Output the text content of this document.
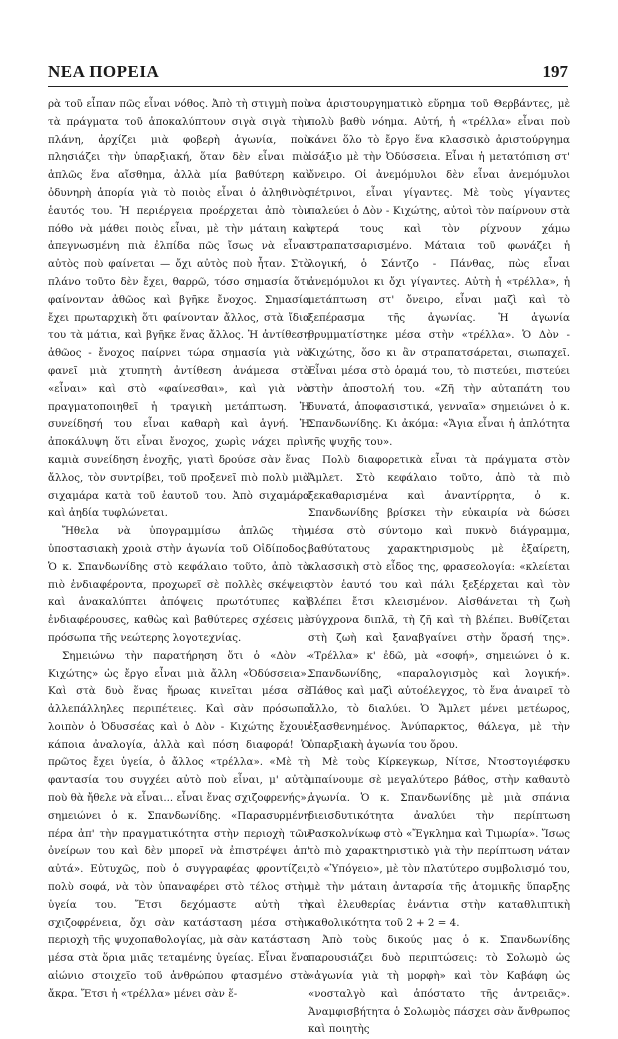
ΝΕΑ ΠΟΡΕΙΑ	197

ρὰ τοῦ εἶπαν πῶς εἶναι νόθος. Ἀπὸ τὴ στιγμὴ ποὺ τὰ πράγματα τοῦ ἀποκαλύπτουν σιγὰ σιγὰ τὴν πλάνη, ἀρχίζει μιὰ φοβερὴ ἀγωνία, ποὺ πλησιάζει τὴν ὑπαρξιακή, ὅταν δὲν εἶναι πιὰ ἁπλῶς ἕνα αἴσθημα, ἀλλὰ μία βαθύτερη καὶ ὀδυνηρὴ ἀπορία γιὰ τὸ ποιὸς εἶναι ὁ ἀληθινὸς ἑαυτός του. Ἡ περιέργεια προέρχεται ἀπὸ τὸν πόθο νὰ μάθει ποιὸς εἶναι, μὲ τὴν μάταιη καὶ ἀπεγνωσμένη πιὰ ἐλπίδα πῶς ἴσως νὰ εἶναι αὐτὸς ποὺ φαίνεται — ὄχι αὐτὸς ποὺ ἦταν. Στὸ πλάνο τοῦτο δὲν ἔχει, θαρρῶ, τόσο σημασία ὅτι φαίνονταν ἀθῶος καὶ βγῆκε ἔνοχος. Σημασία ἔχει πρωταρχικὴ ὅτι φαίνονταν ἄλλος, στὰ ἴδια του τὰ μάτια, καὶ βγῆκε ἕνας ἄλλος. Ἡ ἀντίθεση ἀθῶος - ἔνοχος παίρνει τώρα σημασία γιὰ νὰ φανεῖ μιὰ χτυπητὴ ἀντίθεση ἀνάμεσα στὸ «εἶναι» καὶ στὸ «φαίνεσθαι», καὶ γιὰ νὰ πραγματοποιηθεῖ ἡ τραγικὴ μετάπτωση. Ἡ συνείδησή του εἶναι καθαρὴ καὶ ἁγνή. Ἡ ἀποκάλυψη ὅτι εἶναι ἔνοχος, χωρὶς νάχει πρὶν καμιὰ συνείδηση ἐνοχῆς, γιατὶ δρούσε σὰν ἕνας ἄλλος, τὸν συντρίβει, τοῦ προξενεῖ πιὸ πολὺ μιὰ σιχαμάρα κατὰ τοῦ ἑαυτοῦ του. Ἀπὸ σιχαμάρα καὶ ἀηδία τυφλώνεται.

Ἤθελα νὰ ὑπογραμμίσω ἁπλῶς τὴν ὑποστασιακὴ χροιὰ στὴν ἀγωνία τοῦ Οἰδίποδος. Ὁ κ. Σπανδωνίδης στὸ κεφάλαιο τοῦτο, ἀπὸ τὰ πιὸ ἐνδιαφέροντα, προχωρεῖ σὲ πολλὲς σκέψεις καὶ ἀνακαλύπτει ἀπόψεις πρωτότυπες καὶ ἐνδιαφέρουσες, καθὼς καὶ βαθύτερες σχέσεις μὲ πρόσωπα τῆς νεώτερης λογοτεχνίας.

Σημειώνω τὴν παρατήρηση ὅτι ὁ «Δὸν - Κιχώτης» ὡς ἔργο εἶναι μιὰ ἄλλη «Ὀδύσσεια». Καὶ στὰ δυὸ ἕνας ἥρωας κινεῖται μέσα σὲ ἀλλεπάλληλες περιπέτειες. Καὶ σὰν πρόσωπο λοιπὸν ὁ Ὀδυσσέας καὶ ὁ Δὸν - Κιχώτης ἔχουν κάποια ἀναλογία, ἀλλὰ καὶ πόση διαφορά! Ὁ πρῶτος ἔχει ὑγεία, ὁ ἄλλος «τρέλλα». «Μὲ τὴ φαντασία του συγχέει αὐτὸ ποὺ εἶναι, μ' αὐτὸ ποὺ θὰ ἤθελε νὰ εἶναι... εἶναι ἕνας σχιζοφρενής», σημειώνει ὁ κ. Σπανδωνίδης. «Παρασυρμένη πέρα ἀπ' τὴν πραγματικότητα στὴν περιοχὴ τῶν ὀνείρων του καὶ δὲν μπορεῖ νὰ ἐπιστρέψει ἀπ' αὐτά». Εὐτυχῶς, ποὺ ὁ συγγραφέας φροντίζει, πολὺ σοφά, νὰ τὸν ὑπαναφέρει στὸ τέλος στὴν ὑγεία του. Ἔτσι δεχόμαστε αὐτὴ τὴ σχιζοφρένεια, ὄχι σὰν κατάσταση μέσα στὴν περιοχὴ τῆς ψυχοπαθολογίας, μὰ σὰν κατάσταση μέσα στὰ ὅρια μιᾶς τεταμένης ὑγείας. Εἶναι ἕνα αἰώνιο στοιχεῖο τοῦ ἀνθρώπου φτασμένο στὰ ἄκρα. Ἔτσι ἡ «τρέλλα» μένει σὰν ἕ-

να ἀριστουργηματικὸ εὕρημα τοῦ Θερβάντες, μὲ πολὺ βαθὺ νόημα. Αὐτή, ἡ «τρέλλα» εἶναι ποὺ κάνει ὅλο τὸ ἔργο ἕνα κλασσικὸ ἀριστούργημα ἰσάξιο μὲ τὴν Ὀδύσσεια. Εἶναι ἡ μετατόπιση στ' ὄνειρο. Οἱ ἀνεμόμυλοι δὲν εἶναι ἀνεμόμυλοι πέτρινοι, εἶναι γίγαντες. Μὲ τοὺς γίγαντες παλεύει ὁ Δὸν - Κιχώτης, αὐτοὶ τὸν παίρνουν στὰ φτερά τους καὶ τὸν ρίχνουν χάμω στραπατσαρισμένο. Μάταια τοῦ φωνάζει ἡ λογική, ὁ Σάντζο - Πάνθας, πὼς εἶναι ἀνεμόμυλοι κι ὄχι γίγαντες. Αὐτὴ ἡ «τρέλλα», ἡ μετάπτωση στ' ὄνειρο, εἶναι μαζὶ καὶ τὸ ξεπέρασμα τῆς ἀγωνίας. Ἡ ἀγωνία θρυμματίστηκε μέσα στὴν «τρέλλα». Ὁ Δὸν - Κιχώτης, ὅσο κι ἂν στραπατσάρεται, σιωπαχεῖ. Εἶναι μέσα στὸ ὁραμά του, τὸ πιστεύει, πιστεύει στὴν ἀποστολή του. «Ζῆ τὴν αὐταπάτη του δυνατά, ἀποφασιστικά, γενναῖα» σημειώνει ὁ κ. Σπανδωνίδης. Κι ἀκόμα: «Ἄγια εἶναι ἡ ἁπλότητα τῆς ψυχῆς του».

Πολὺ διαφορετικὰ εἶναι τὰ πράγματα στὸν Ἄμλετ. Στὸ κεφάλαιο τοῦτο, ἀπὸ τὰ πιὸ ξεκαθαρισμένα καὶ ἀναντίρρητα, ὁ κ. Σπανδωνίδης βρίσκει τὴν εὐκαιρία νὰ δώσει μέσα στὸ σύντομο καὶ πυκνὸ διάγραμμα, βαθύτατους χαρακτηρισμοὺς μὲ ἐξαίρετη, κλασσικὴ στὸ εἶδος της, φρασεολογία: «κλείεται στὸν ἑαυτό του καὶ πάλι ξεξέρχεται καὶ τὸν βλέπει ἔτσι κλεισμένον. Αἰσθάνεται τὴ ζωὴ σύγχρονα διπλᾶ, τὴ ζῆ καὶ τὴ βλέπει. Βυθίζεται στὴ ζωὴ καὶ ξαναβγαίνει στὴν ὅρασή της». «Τρέλλα» κ' ἐδῶ, μὰ «σοφή», σημειώνει ὁ κ. Σπανδωνίδης, «παραλογισμὸς καὶ λογική». Πάθος καὶ μαζὶ αὐτοέλεγχος, τὸ ἕνα ἀναιρεῖ τὸ ἄλλο, τὸ διαλύει. Ὁ Ἄμλετ μένει μετέωρος, ἐξασθενημένος. Ἀνύπαρκτος, θάλεγα, μὲ τὴν ὑπαρξιακὴ ἀγωνία του ὅρου.

Μὲ τοὺς Κίρκεγκωρ, Νίτσε, Ντοστογιέφσκυ μπαίνουμε σὲ μεγαλύτερο βάθος, στὴν καθαυτὸ ἀγωνία. Ὁ κ. Σπανδωνίδης μὲ μιὰ σπάνια διεισδυτικότητα ἀναλύει τὴν περίπτωση Ρασκολνίκωφ στὸ «Ἔγκλημα καὶ Τιμωρία». Ἴσως τὸ πιὸ χαρακτηριστικὸ γιὰ τὴν περίπτωση νάταν τὸ «Ὑπόγειο», μὲ τὸν πλατύτερο συμβολισμό του, μὲ τὴν μάταιη ἀνταρσία τῆς ἀτομικῆς ὕπαρξης καὶ ἐλευθερίας ἐνάντια στὴν καταθλιπτικὴ καθολικότητα τοῦ 2 + 2 = 4.

Ἀπὸ τοὺς δικούς μας ὁ κ. Σπανδωνίδης παρουσιάζει δυὸ περιπτώσεις: τὸ Σολωμὸ ὡς «ἀγωνία γιὰ τὴ μορφὴ» καὶ τὸν Καβάφη ὡς «νοσταλγὸ καὶ ἀπόστατο τῆς ἀντρειᾶς». Ἀναμφισβήτητα ὁ Σολωμὸς πάσχει σὰν ἄνθρωπος καὶ ποιητὴς
